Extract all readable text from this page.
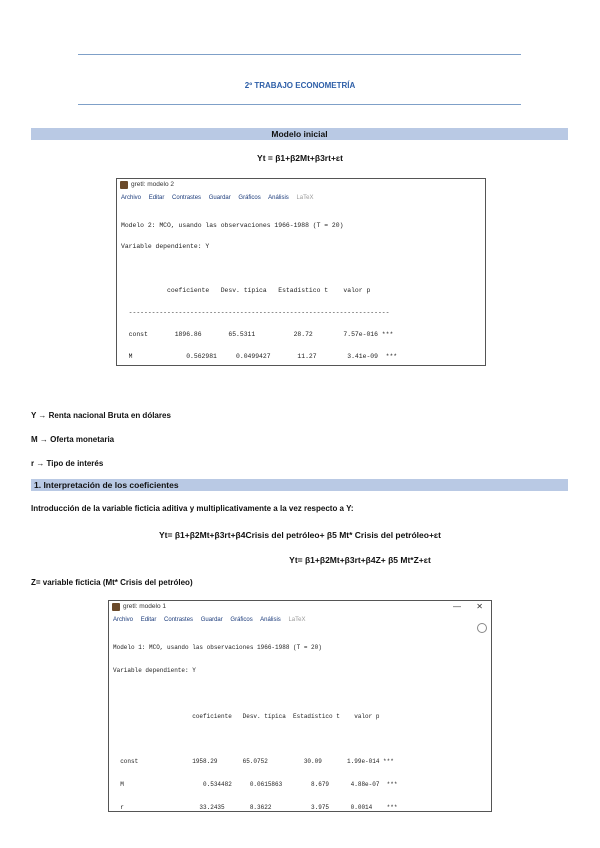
2º TRABAJO ECONOMETRÍA
Modelo inicial
Yt = β1+β2Mt+β3rt+ɛt
gretl: modelo 2
Archivo Editar Contrastes Guardar Gráficos Análisis LaTeX

Modelo 2: MCO, usando las observaciones 1966-1988 (T = 20)

Variable dependiente: Y

coeficiente   Desv. típica   Estadístico t    valor p

--------------------------------------------------------------------

const       1896.86       65.5311          28.72        7.57e-016 ***

M              0.562981     0.0499427       11.27        3.41e-09  ***

Y → Renta nacional Bruta en dólares
M → Oferta monetaria
r → Tipo de interés
1. Interpretación de los coeficientes
Introducción de la variable ficticia aditiva y multiplicativamente a la vez respecto a Y:
Yt= β1+β2Mt+β3rt+β4Crisis del petróleo+ β5 Mt* Crisis del petróleo+ɛt
Yt= β1+β2Mt+β3rt+β4Z+ β5 Mt*Z+ɛt
Z= variable ficticia (Mt* Crisis del petróleo)
gretl: modelo 1	— ✕
Archivo Editar Contrastes Guardar Gráficos Análisis LaTeX

Modelo 1: MCO, usando las observaciones 1966-1988 (T = 20)

Variable dependiente: Y

coeficiente   Desv. típica  Estadístico t    valor p

const               1958.29       65.0752          30.09       1.99e-014 ***

M                      0.534482     0.0615863        8.679      4.88e-07  ***

r                     33.2435       8.3622           3.975      0.0014    ***
